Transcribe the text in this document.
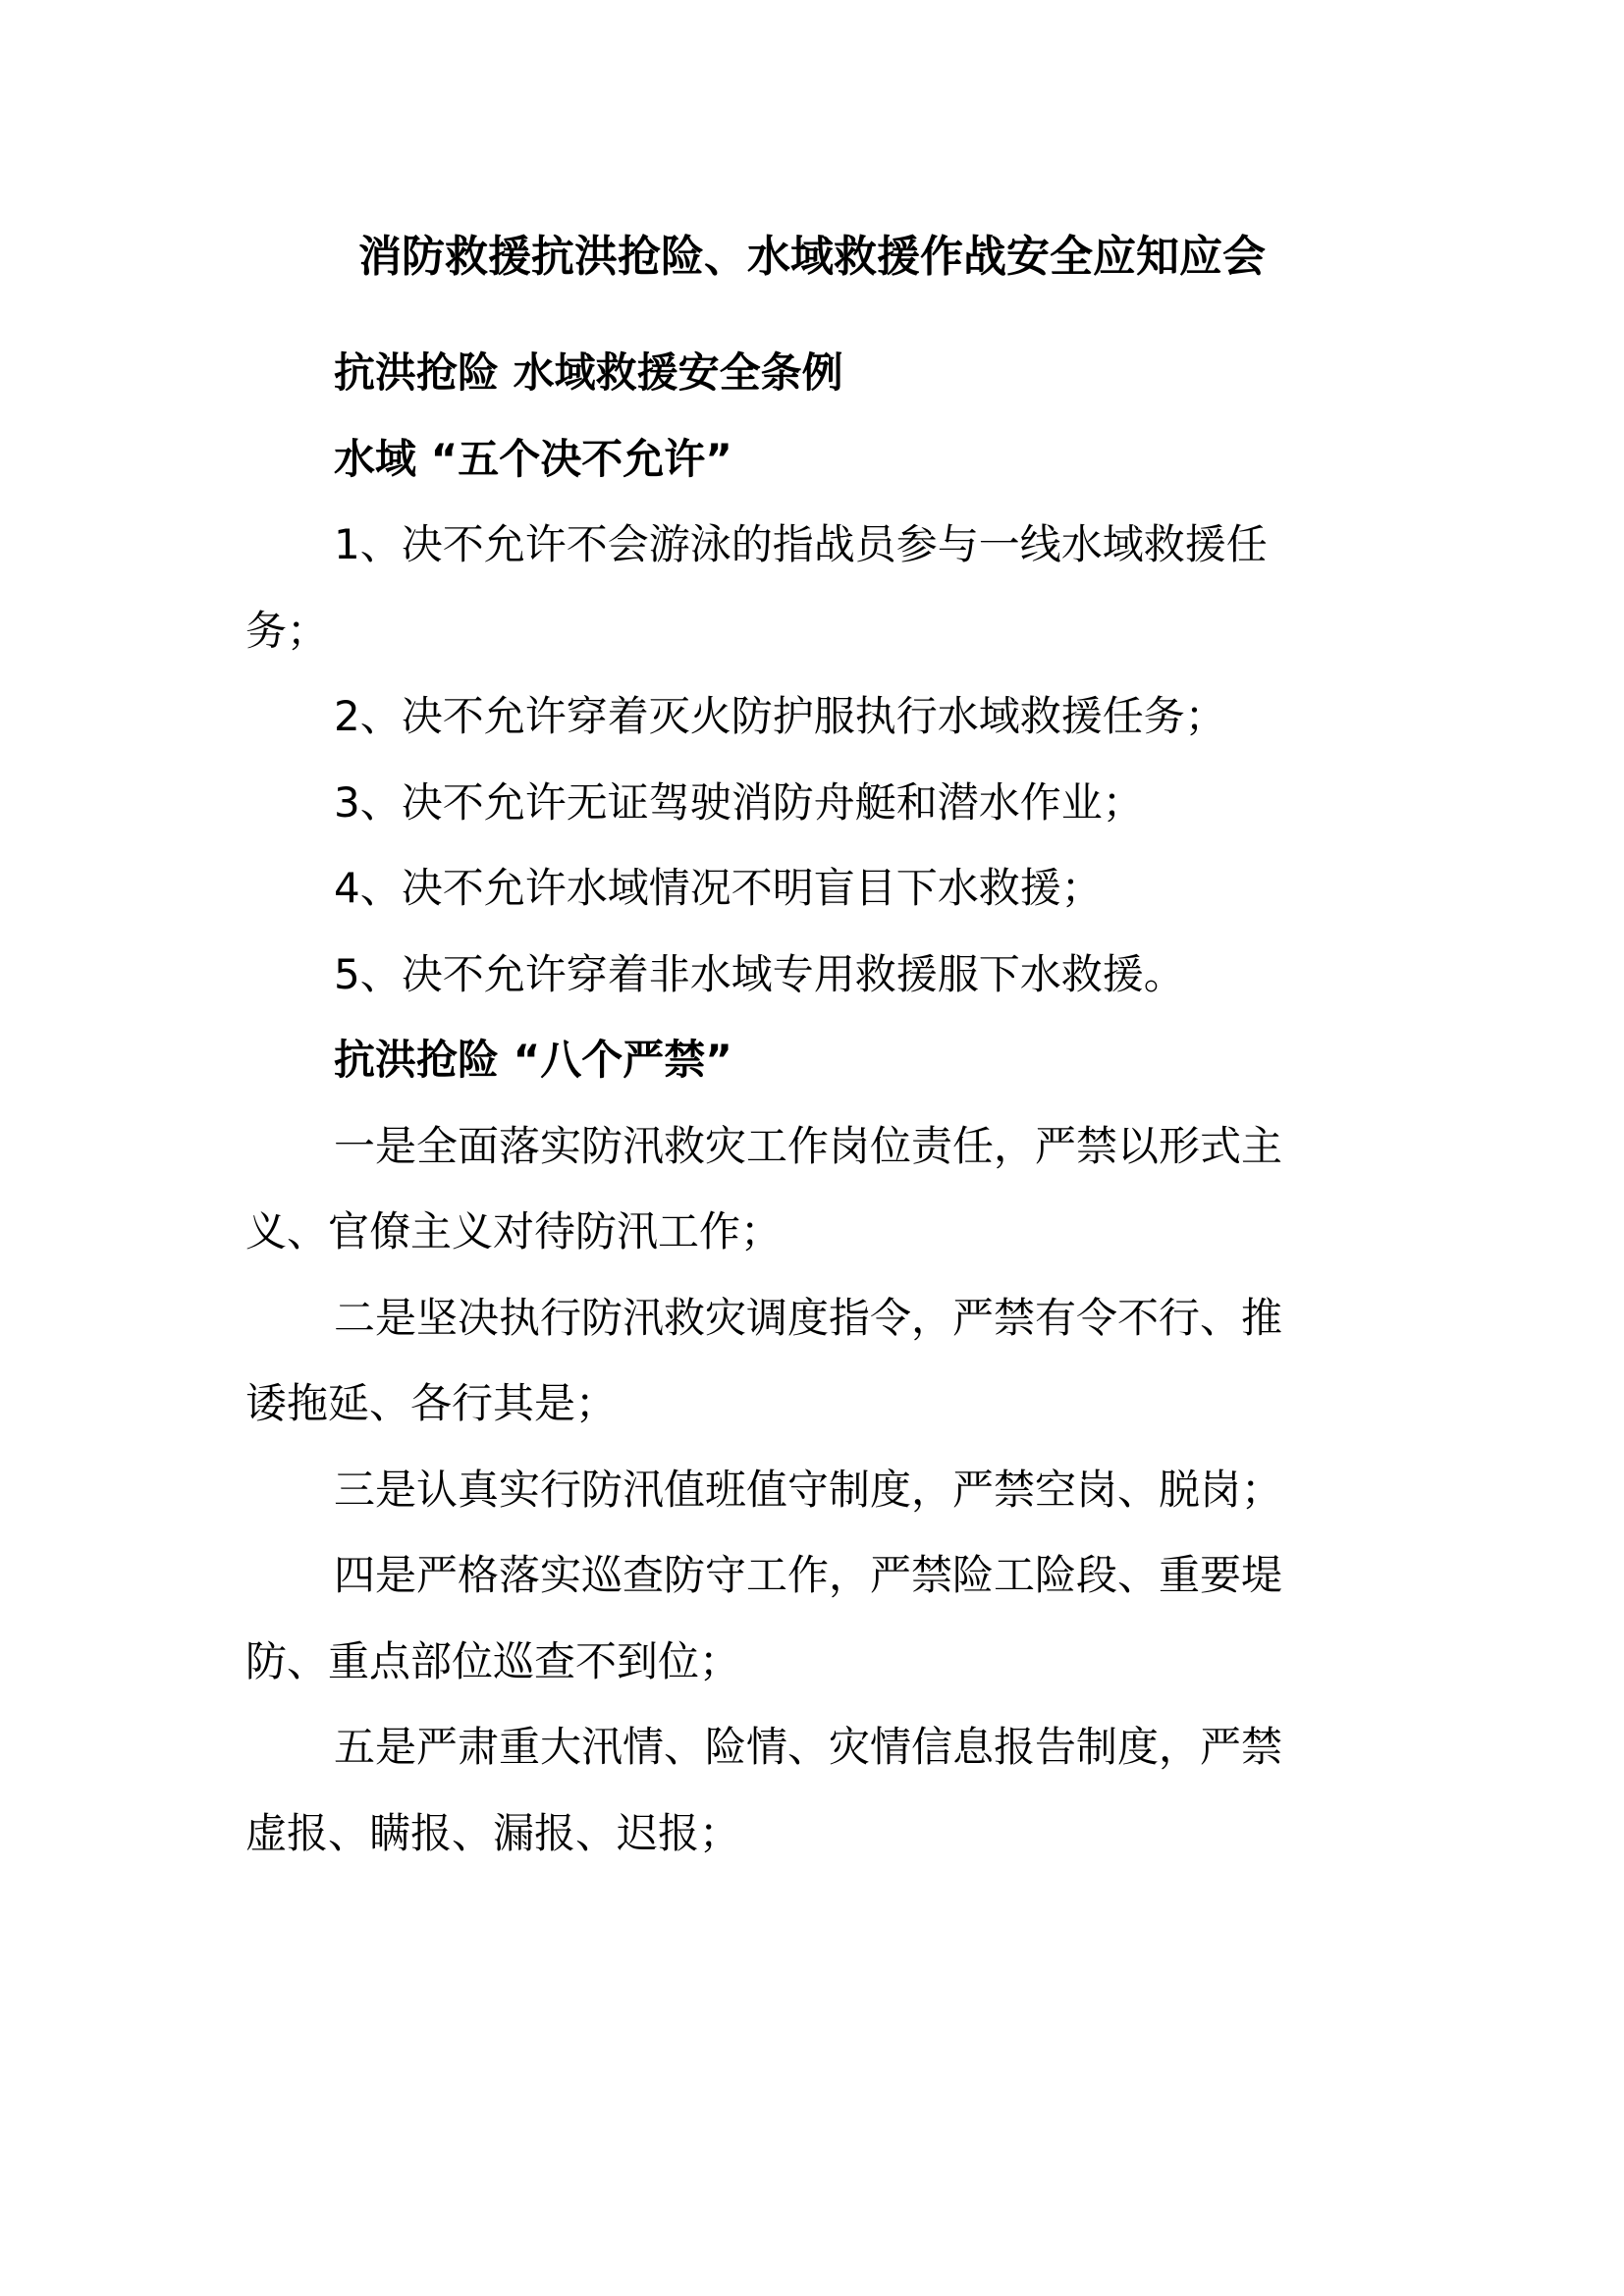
消防救援抗洪抢险、水域救援作战安全应知应会

抗洪抢险 水域救援安全条例

水域 “五个决不允许”

1、决不允许不会游泳的指战员参与一线水域救援任

务；

2、决不允许穿着灭火防护服执行水域救援任务；

3、决不允许无证驾驶消防舟艇和潜水作业；

4、决不允许水域情况不明盲目下水救援；

5、决不允许穿着非水域专用救援服下水救援。

抗洪抢险 “八个严禁”

一是全面落实防汛救灾工作岗位责任，严禁以形式主

义、官僚主义对待防汛工作；

二是坚决执行防汛救灾调度指令，严禁有令不行、推

诿拖延、各行其是；

三是认真实行防汛值班值守制度，严禁空岗、脱岗；

四是严格落实巡查防守工作，严禁险工险段、重要堤

防、重点部位巡查不到位；

五是严肃重大汛情、险情、灾情信息报告制度，严禁

虚报、瞒报、漏报、迟报；
